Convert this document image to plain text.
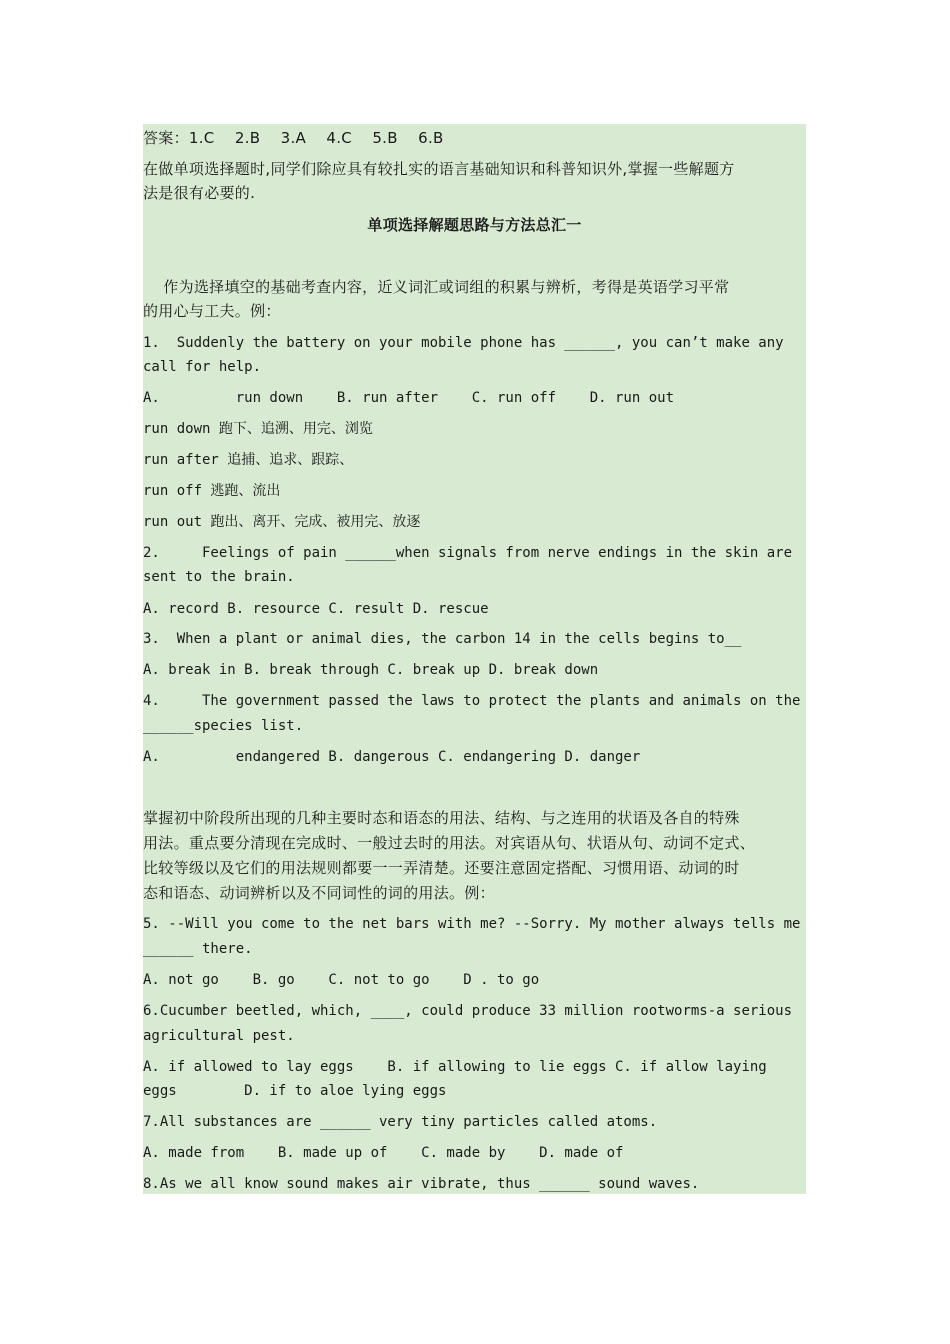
答案：1.C    2.B    3.A    4.C    5.B    6.B
在做单项选择题时,同学们除应具有较扎实的语言基础知识和科普知识外,掌握一些解题方
法是很有必要的.
单项选择解题思路与方法总汇一

作为选择填空的基础考查内容，近义词汇或词组的积累与辨析，考得是英语学习平常
的用心与工夫。例：
1.  Suddenly the battery on your mobile phone has ______, you can’t make any
call for help.
A.         run down    B. run after    C. run off    D. run out
run down 跑下、追溯、用完、浏览
run after 追捕、追求、跟踪、
run off 逃跑、流出
run out 跑出、离开、完成、被用完、放逐
2.     Feelings of pain ______when signals from nerve endings in the skin are
sent to the brain.
A. record B. resource C. result D. rescue
3.  When a plant or animal dies, the carbon 14 in the cells begins to__
A. break in B. break through C. break up D. break down
4.     The government passed the laws to protect the plants and animals on the
______species list.
A.         endangered B. dangerous C. endangering D. danger

掌握初中阶段所出现的几种主要时态和语态的用法、结构、与之连用的状语及各自的特殊
用法。重点要分清现在完成时、一般过去时的用法。对宾语从句、状语从句、动词不定式、
比较等级以及它们的用法规则都要一一弄清楚。还要注意固定搭配、习惯用语、动词的时
态和语态、动词辨析以及不同词性的词的用法。例：
5. --Will you come to the net bars with me? --Sorry. My mother always tells me
______ there.
A. not go    B. go    C. not to go    D . to go
6.Cucumber beetled, which, ____, could produce 33 million rootworms-a serious
agricultural pest.
A. if allowed to lay eggs    B. if allowing to lie eggs C. if allow laying
eggs        D. if to aloe lying eggs
7.All substances are ______ very tiny particles called atoms.
A. made from    B. made up of    C. made by    D. made of
8.As we all know sound makes air vibrate, thus ______ sound waves.
